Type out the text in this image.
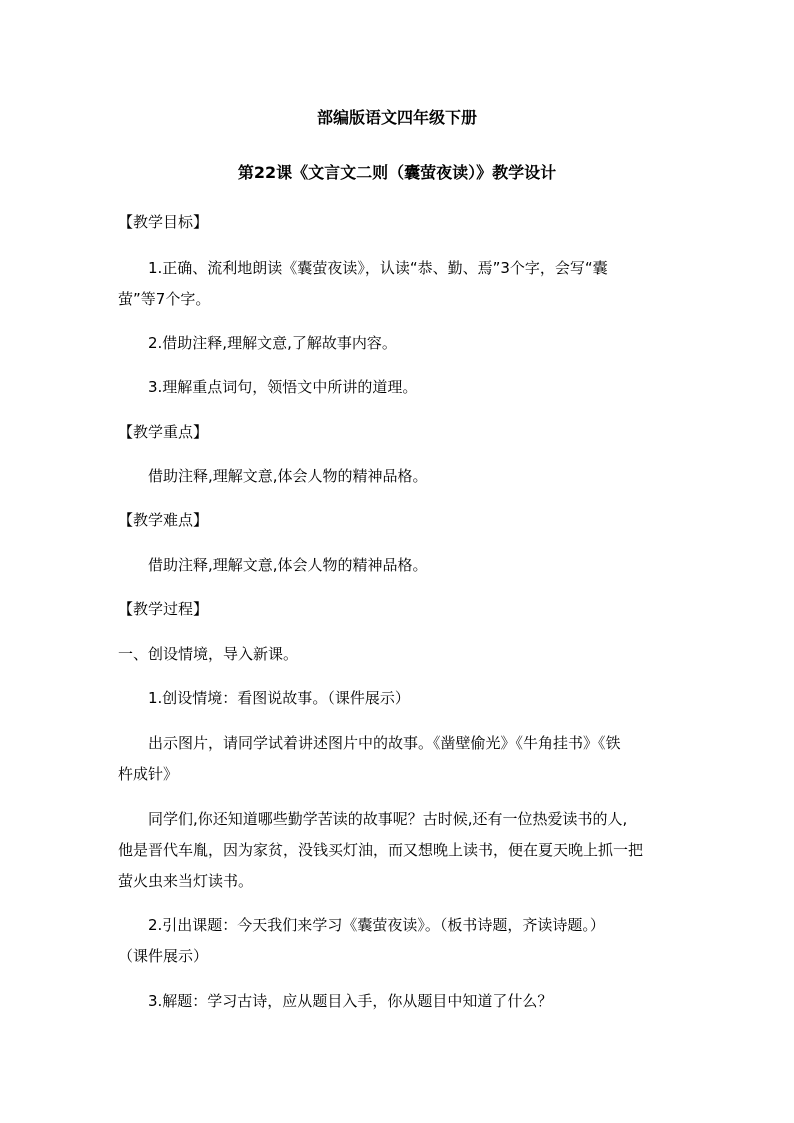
部编版语文四年级下册
第22课《文言文二则（囊萤夜读）》教学设计
【教学目标】
1.正确、流利地朗读《囊萤夜读》，认读“恭、勤、焉”3个字，会写“囊
萤”等7个字。
2.借助注释,理解文意,了解故事内容。
3.理解重点词句，领悟文中所讲的道理。
【教学重点】
借助注释,理解文意,体会人物的精神品格。
【教学难点】
借助注释,理解文意,体会人物的精神品格。
【教学过程】
一、创设情境，导入新课。
1.创设情境：看图说故事。（课件展示）
出示图片，请同学试着讲述图片中的故事。《凿壁偷光》《牛角挂书》《铁
杵成针》
同学们,你还知道哪些勤学苦读的故事呢？古时候,还有一位热爱读书的人,
他是晋代车胤，因为家贫，没钱买灯油，而又想晚上读书，便在夏天晚上抓一把
萤火虫来当灯读书。
2.引出课题：今天我们来学习《囊萤夜读》。（板书诗题，齐读诗题。）
（课件展示）
3.解题：学习古诗，应从题目入手，你从题目中知道了什么？
